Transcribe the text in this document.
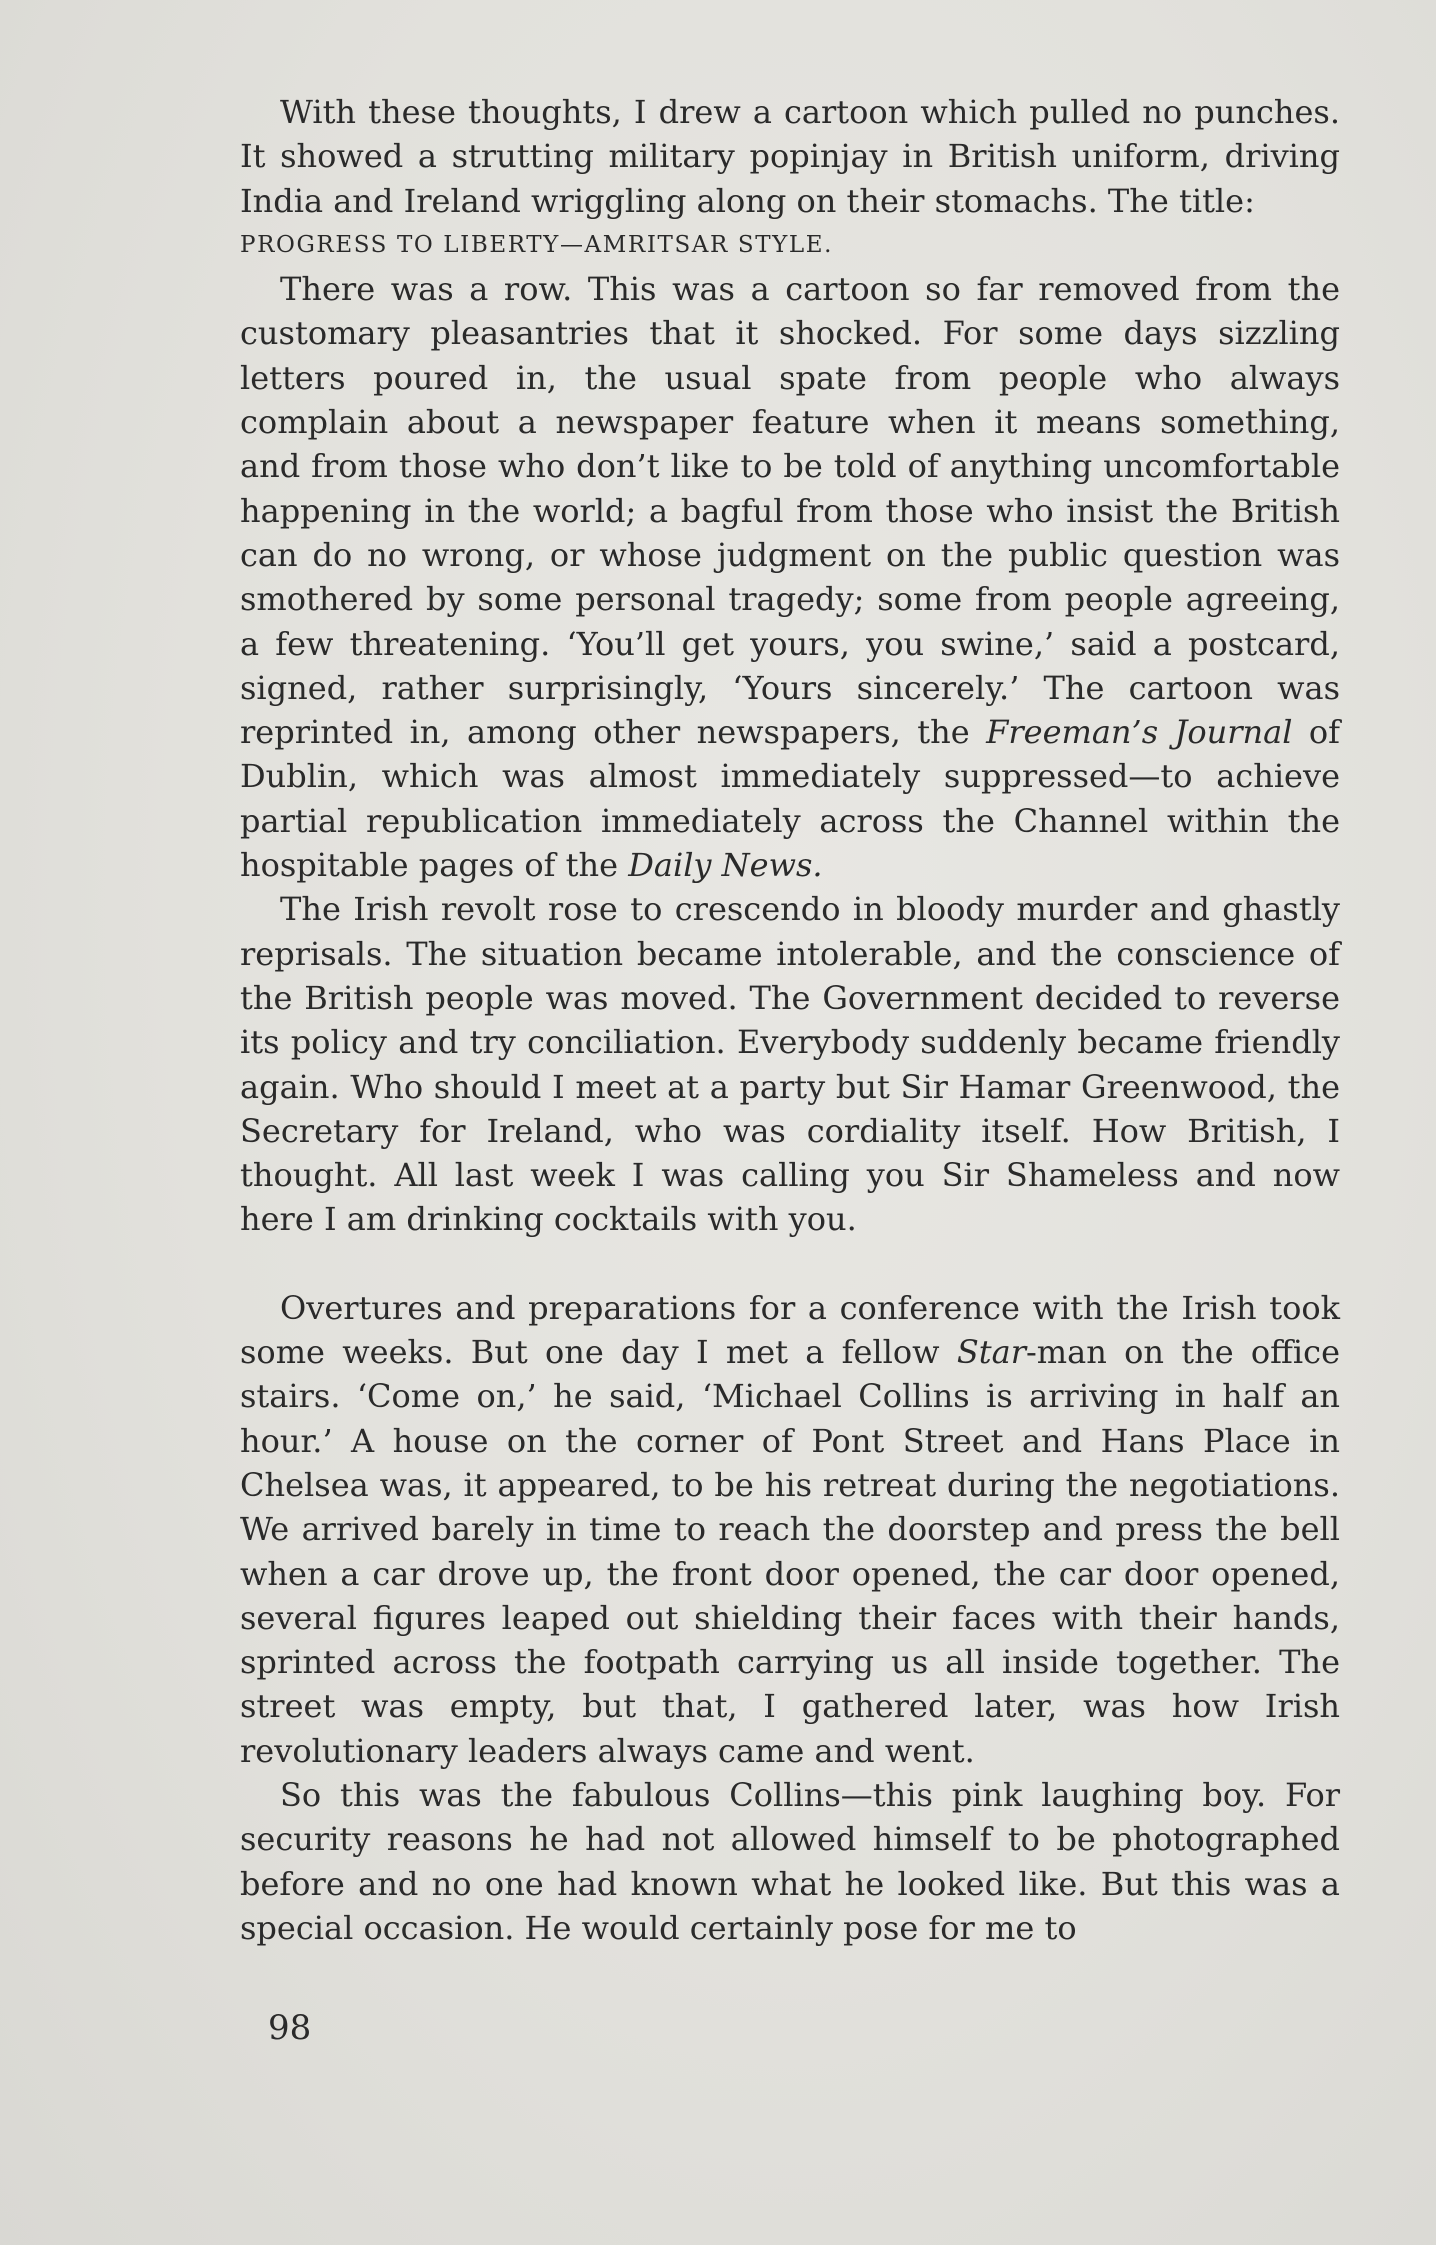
With these thoughts, I drew a cartoon which pulled no punches. It showed a strutting military popinjay in British uniform, driving India and Ireland wriggling along on their stomachs. The title:

PROGRESS TO LIBERTY—AMRITSAR STYLE.

There was a row. This was a cartoon so far removed from the customary pleasantries that it shocked. For some days sizzling letters poured in, the usual spate from people who always complain about a newspaper feature when it means something, and from those who don’t like to be told of anything uncomfortable happening in the world; a bagful from those who insist the British can do no wrong, or whose judgment on the public question was smothered by some personal tragedy; some from people agreeing, a few threatening. ‘You’ll get yours, you swine,’ said a postcard, signed, rather surprisingly, ‘Yours sincerely.’ The cartoon was reprinted in, among other newspapers, the Freeman’s Journal of Dublin, which was almost immediately suppressed—to achieve partial republication immediately across the Channel within the hospitable pages of the Daily News.

The Irish revolt rose to crescendo in bloody murder and ghastly reprisals. The situation became intolerable, and the conscience of the British people was moved. The Government decided to reverse its policy and try conciliation. Everybody suddenly became friendly again. Who should I meet at a party but Sir Hamar Greenwood, the Secretary for Ireland, who was cordiality itself. How British, I thought. All last week I was calling you Sir Shameless and now here I am drinking cocktails with you.

Overtures and preparations for a conference with the Irish took some weeks. But one day I met a fellow Star-man on the office stairs. ‘Come on,’ he said, ‘Michael Collins is arriving in half an hour.’ A house on the corner of Pont Street and Hans Place in Chelsea was, it appeared, to be his retreat during the negotiations. We arrived barely in time to reach the doorstep and press the bell when a car drove up, the front door opened, the car door opened, several figures leaped out shielding their faces with their hands, sprinted across the footpath carrying us all inside together. The street was empty, but that, I gathered later, was how Irish revolutionary leaders always came and went.

So this was the fabulous Collins—this pink laughing boy. For security reasons he had not allowed himself to be photographed before and no one had known what he looked like. But this was a special occasion. He would certainly pose for me to

98
